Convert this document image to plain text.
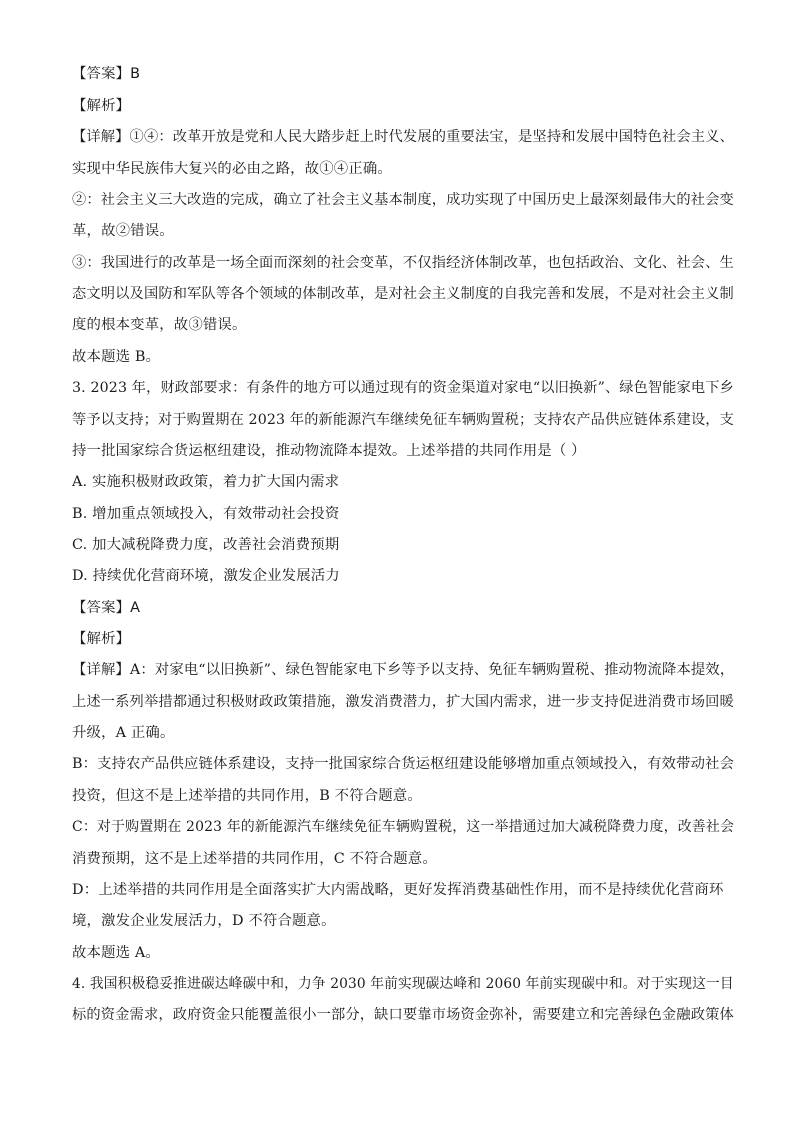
【答案】B
【解析】
【详解】①④：改革开放是党和人民大踏步赶上时代发展的重要法宝，是坚持和发展中国特色社会主义、
实现中华民族伟大复兴的必由之路，故①④正确。
②：社会主义三大改造的完成，确立了社会主义基本制度，成功实现了中国历史上最深刻最伟大的社会变
革，故②错误。
③：我国进行的改革是一场全面而深刻的社会变革，不仅指经济体制改革，也包括政治、文化、社会、生
态文明以及国防和军队等各个领域的体制改革，是对社会主义制度的自我完善和发展，不是对社会主义制
度的根本变革，故③错误。
故本题选 B。
3. 2023 年，财政部要求：有条件的地方可以通过现有的资金渠道对家电“以旧换新”、绿色智能家电下乡
等予以支持；对于购置期在 2023 年的新能源汽车继续免征车辆购置税；支持农产品供应链体系建设，支
持一批国家综合货运枢纽建设，推动物流降本提效。上述举措的共同作用是（ ）
A. 实施积极财政政策，着力扩大国内需求
B. 增加重点领域投入，有效带动社会投资
C. 加大减税降费力度，改善社会消费预期
D. 持续优化营商环境，激发企业发展活力
【答案】A
【解析】
【详解】A：对家电“以旧换新”、绿色智能家电下乡等予以支持、免征车辆购置税、推动物流降本提效，
上述一系列举措都通过积极财政政策措施，激发消费潜力，扩大国内需求，进一步支持促进消费市场回暖
升级，A 正确。
B：支持农产品供应链体系建设，支持一批国家综合货运枢纽建设能够增加重点领域投入，有效带动社会
投资，但这不是上述举措的共同作用，B 不符合题意。
C：对于购置期在 2023 年的新能源汽车继续免征车辆购置税，这一举措通过加大减税降费力度，改善社会
消费预期，这不是上述举措的共同作用，C 不符合题意。
D：上述举措的共同作用是全面落实扩大内需战略，更好发挥消费基础性作用，而不是持续优化营商环
境，激发企业发展活力，D 不符合题意。
故本题选 A。
4. 我国积极稳妥推进碳达峰碳中和，力争 2030 年前实现碳达峰和 2060 年前实现碳中和。对于实现这一目
标的资金需求，政府资金只能覆盖很小一部分，缺口要靠市场资金弥补，需要建立和完善绿色金融政策体
